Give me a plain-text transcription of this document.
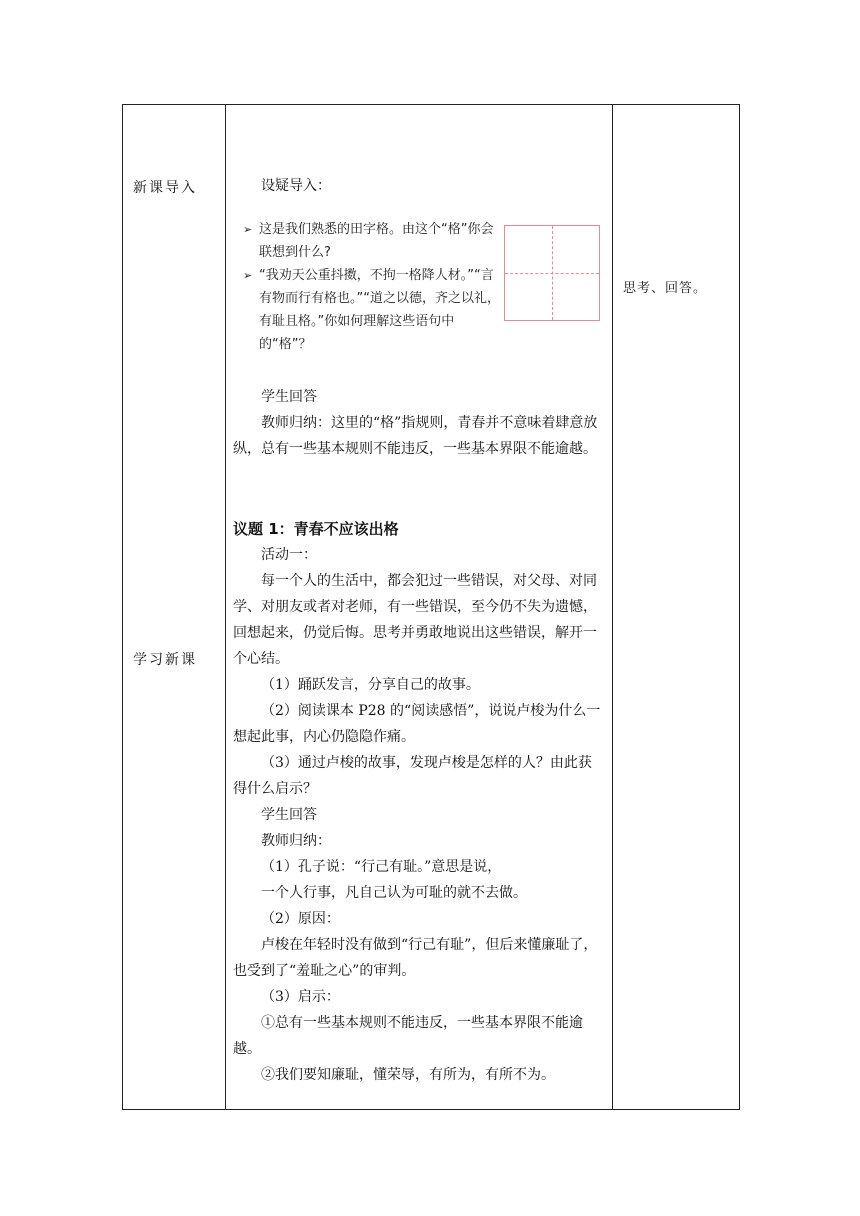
新课导入
学习新课
思考、回答。
设疑导入：
➢ 这是我们熟悉的田字格。由这个“格”你会联想到什么?
➢ “我劝天公重抖擞，不拘一格降人材。”“言有物而行有格也。”“道之以德，齐之以礼，有耻且格。”你如何理解这些语句中的“格”？
学生回答
教师归纳：这里的“格”指规则，青春并不意味着肆意放纵，总有一些基本规则不能违反，一些基本界限不能逾越。
议题 1：青春不应该出格
活动一：
每一个人的生活中，都会犯过一些错误，对父母、对同学、对朋友或者对老师，有一些错误，至今仍不失为遗憾，回想起来，仍觉后悔。思考并勇敢地说出这些错误，解开一个心结。
（1）踊跃发言，分享自己的故事。
（2）阅读课本 P28 的“阅读感悟”，说说卢梭为什么一想起此事，内心仍隐隐作痛。
（3）通过卢梭的故事，发现卢梭是怎样的人？由此获得什么启示？
学生回答
教师归纳：
（1）孔子说：“行己有耻。”意思是说，
一个人行事，凡自己认为可耻的就不去做。
（2）原因：
卢梭在年轻时没有做到“行己有耻”，但后来懂廉耻了，也受到了“羞耻之心”的审判。
（3）启示：
①总有一些基本规则不能违反，一些基本界限不能逾越。
②我们要知廉耻，懂荣辱，有所为，有所不为。
